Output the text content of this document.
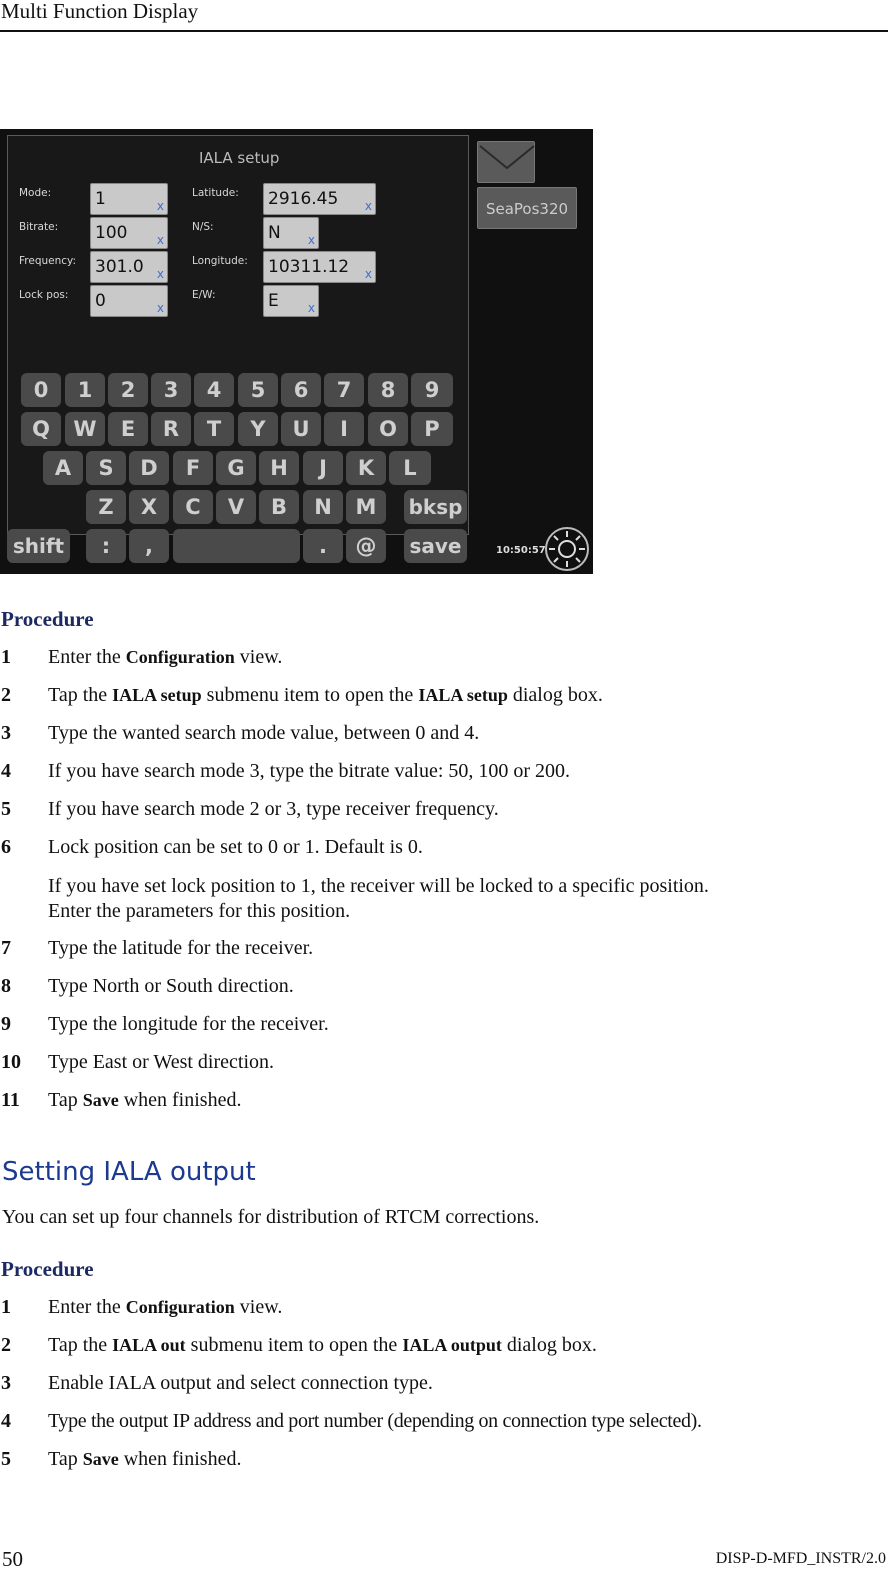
Multi Function Display
IALA setup
Mode:	1	x
Bitrate: 100 x
Frequency: 301.0 x
Lock pos: 0	x
Latitude: 2916.45 x
N/S:	N x
Longitude: 10311.12 x
E/W:	E x
0	1	2	3	4	5	6	7	8	9
Q	W	E	R	T	Y	U	I	O	P
A	S	D	F	G	H	J	K	L
Z	X	C	V	B	N	M	bksp
shift	:	,	.	@	save
SeaPos320
10:50:57
Procedure
1 Enter the Configuration view.
2 Tap the IALA setup submenu item to open the IALA setup dialog box.
3 Type the wanted search mode value, between 0 and 4.
4 If you have search mode 3, type the bitrate value: 50, 100 or 200.
5 If you have search mode 2 or 3, type receiver frequency.
6 Lock position can be set to 0 or 1. Default is 0.
If you have set lock position to 1, the receiver will be locked to a specific position.
Enter the parameters for this position.
7 Type the latitude for the receiver.
8 Type North or South direction.
9 Type the longitude for the receiver.
10 Type East or West direction.
11 Tap Save when finished.
Setting IALA output
You can set up four channels for distribution of RTCM corrections.
Procedure
1 Enter the Configuration view.
2 Tap the IALA out submenu item to open the IALA output dialog box.
3 Enable IALA output and select connection type.
4 Type the output IP address and port number (depending on connection type selected).
5 Tap Save when finished.
50	DISP-D-MFD_INSTR/2.0
